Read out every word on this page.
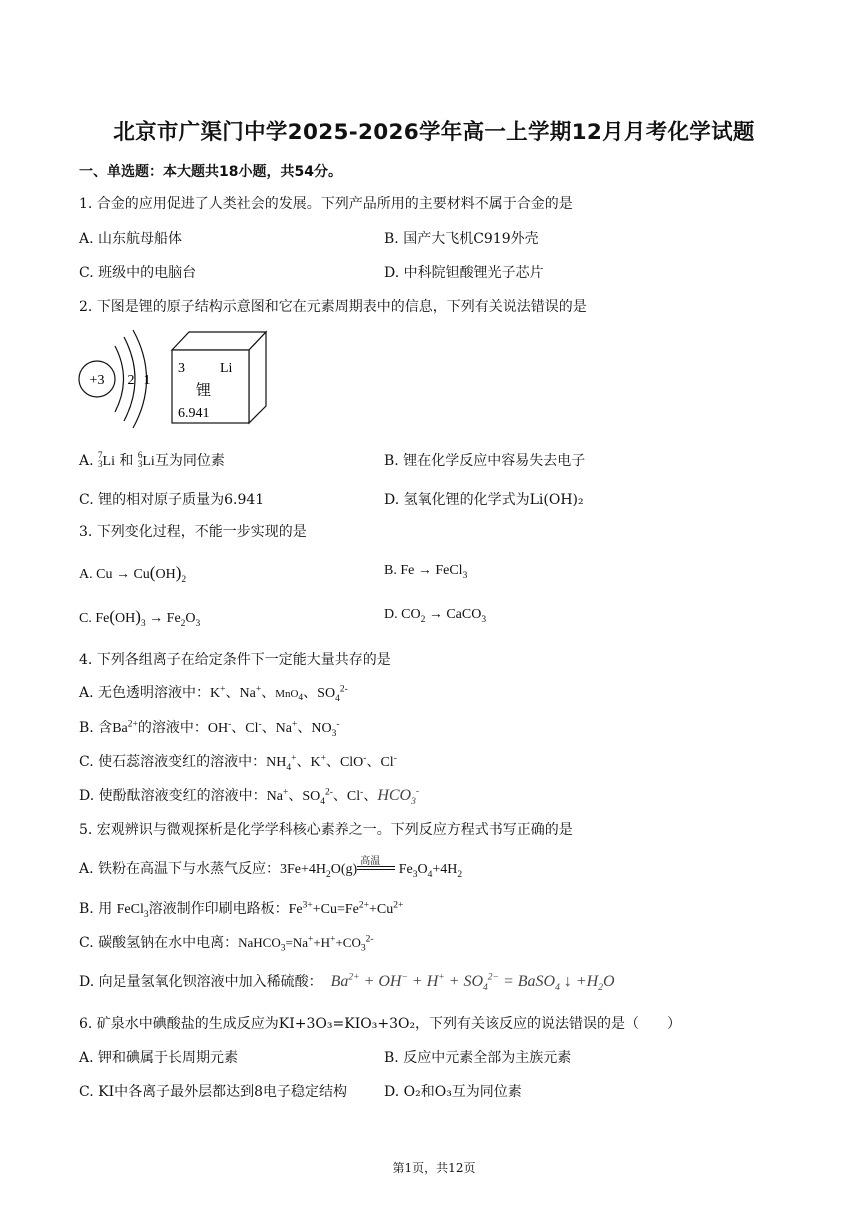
北京市广渠门中学2025-2026学年高一上学期12月月考化学试题
一、单选题：本大题共18小题，共54分。
1. 合金的应用促进了人类社会的发展。下列产品所用的主要材料不属于合金的是
A. 山东航母船体	B. 国产大飞机C919外壳
C. 班级中的电脑台	D. 中科院钽酸锂光子芯片
2. 下图是锂的原子结构示意图和它在元素周期表中的信息，下列有关说法错误的是
+3 2 1
3	Li
锂
6.941
A. 7
3Li 和 6
3Li互为同位素	B. 锂在化学反应中容易失去电子
C. 锂的相对原子质量为6.941	D. 氢氧化锂的化学式为Li(OH)₂
3. 下列变化过程，不能一步实现的是
A. $Cu \to Cu(OH)_2$
B. Fe → FeCl$_3$
C. $Fe(OH)_3 \to Fe_2O_3$
D. $CO_2$ → CaCO$_3$
4. 下列各组离子在给定条件下一定能大量共存的是
A. 无色透明溶液中：K+、Na+、MnO$_4$、$SO_4^{2-}$
B. 含$Ba^{2+}$的溶液中：OH-、Cl-、Na+、$NO_3^-$
C. 使石蕊溶液变红的溶液中：$NH_4^+$、K+、ClO-、Cl-
D. 使酚酞溶液变红的溶液中：Na+、$SO_4^{2-}$、Cl-、$HCO_3^-$
5. 宏观辨识与微观探析是化学学科核心素养之一。下列反应方程式书写正确的是
A. 铁粉在高温下与水蒸气反应：$3Fe+4H_2O(g)$
高温
$Fe_3O_4+4H_2$
B. 用 FeCl$_3$溶液制作印刷电路板：$Fe^{3+}+Cu=Fe^{2+}+Cu^{2+}$
C. 碳酸氢钠在水中电离：$NaHCO_3=Na^++H^++CO_3^{2-}$
D. 向足量氢氧化钡溶液中加入稀硫酸： $Ba^{2+} + OH^- + H^+ + SO_4^{2-}$ = BaSO$_4$ ↓ $+H_2O$
6. 矿泉水中碘酸盐的生成反应为KI+3O₃=KIO₃+3O₂，下列有关该反应的说法错误的是（　　）
A. 钾和碘属于长周期元素	B. 反应中元素全部为主族元素
C. KI中各离子最外层都达到8电子稳定结构	D. O₂和O₃互为同位素
第1页，共12页
